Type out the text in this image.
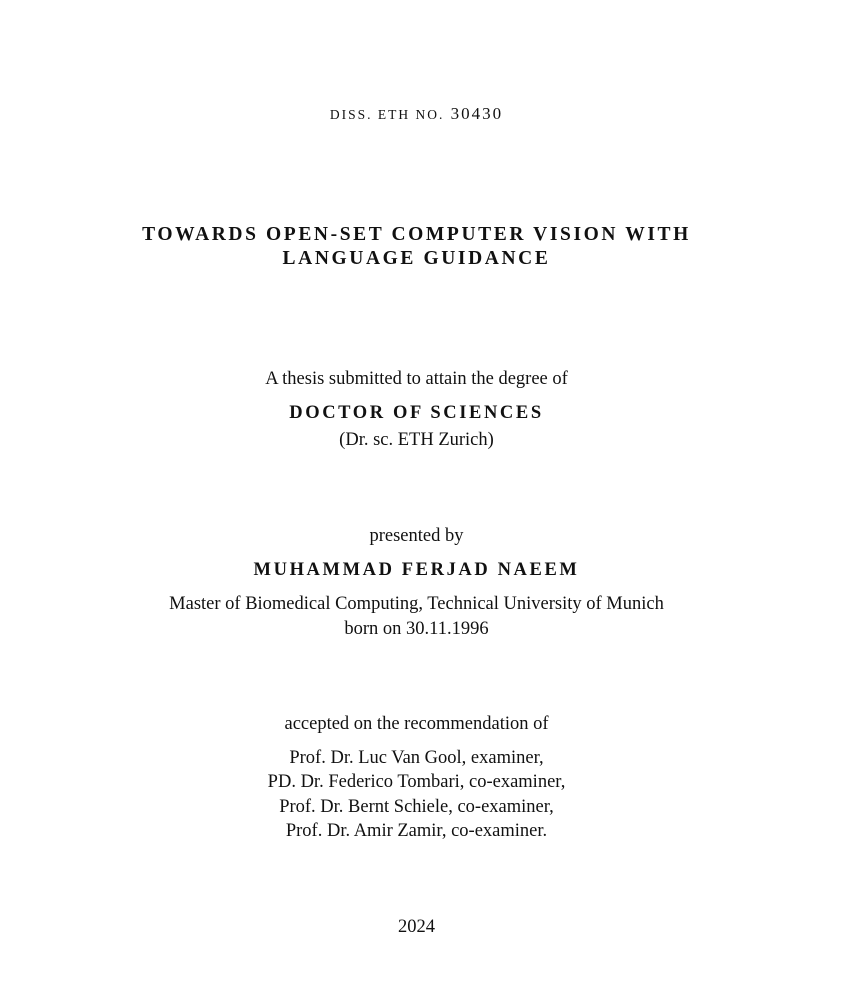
DISS. ETH NO. 30430
TOWARDS OPEN-SET COMPUTER VISION WITH
LANGUAGE GUIDANCE
A thesis submitted to attain the degree of
DOCTOR OF SCIENCES
(Dr. sc. ETH Zurich)
presented by
MUHAMMAD FERJAD NAEEM
Master of Biomedical Computing, Technical University of Munich
born on 30.11.1996
accepted on the recommendation of
Prof. Dr. Luc Van Gool, examiner,
PD. Dr. Federico Tombari, co-examiner,
Prof. Dr. Bernt Schiele, co-examiner,
Prof. Dr. Amir Zamir, co-examiner.
2024
